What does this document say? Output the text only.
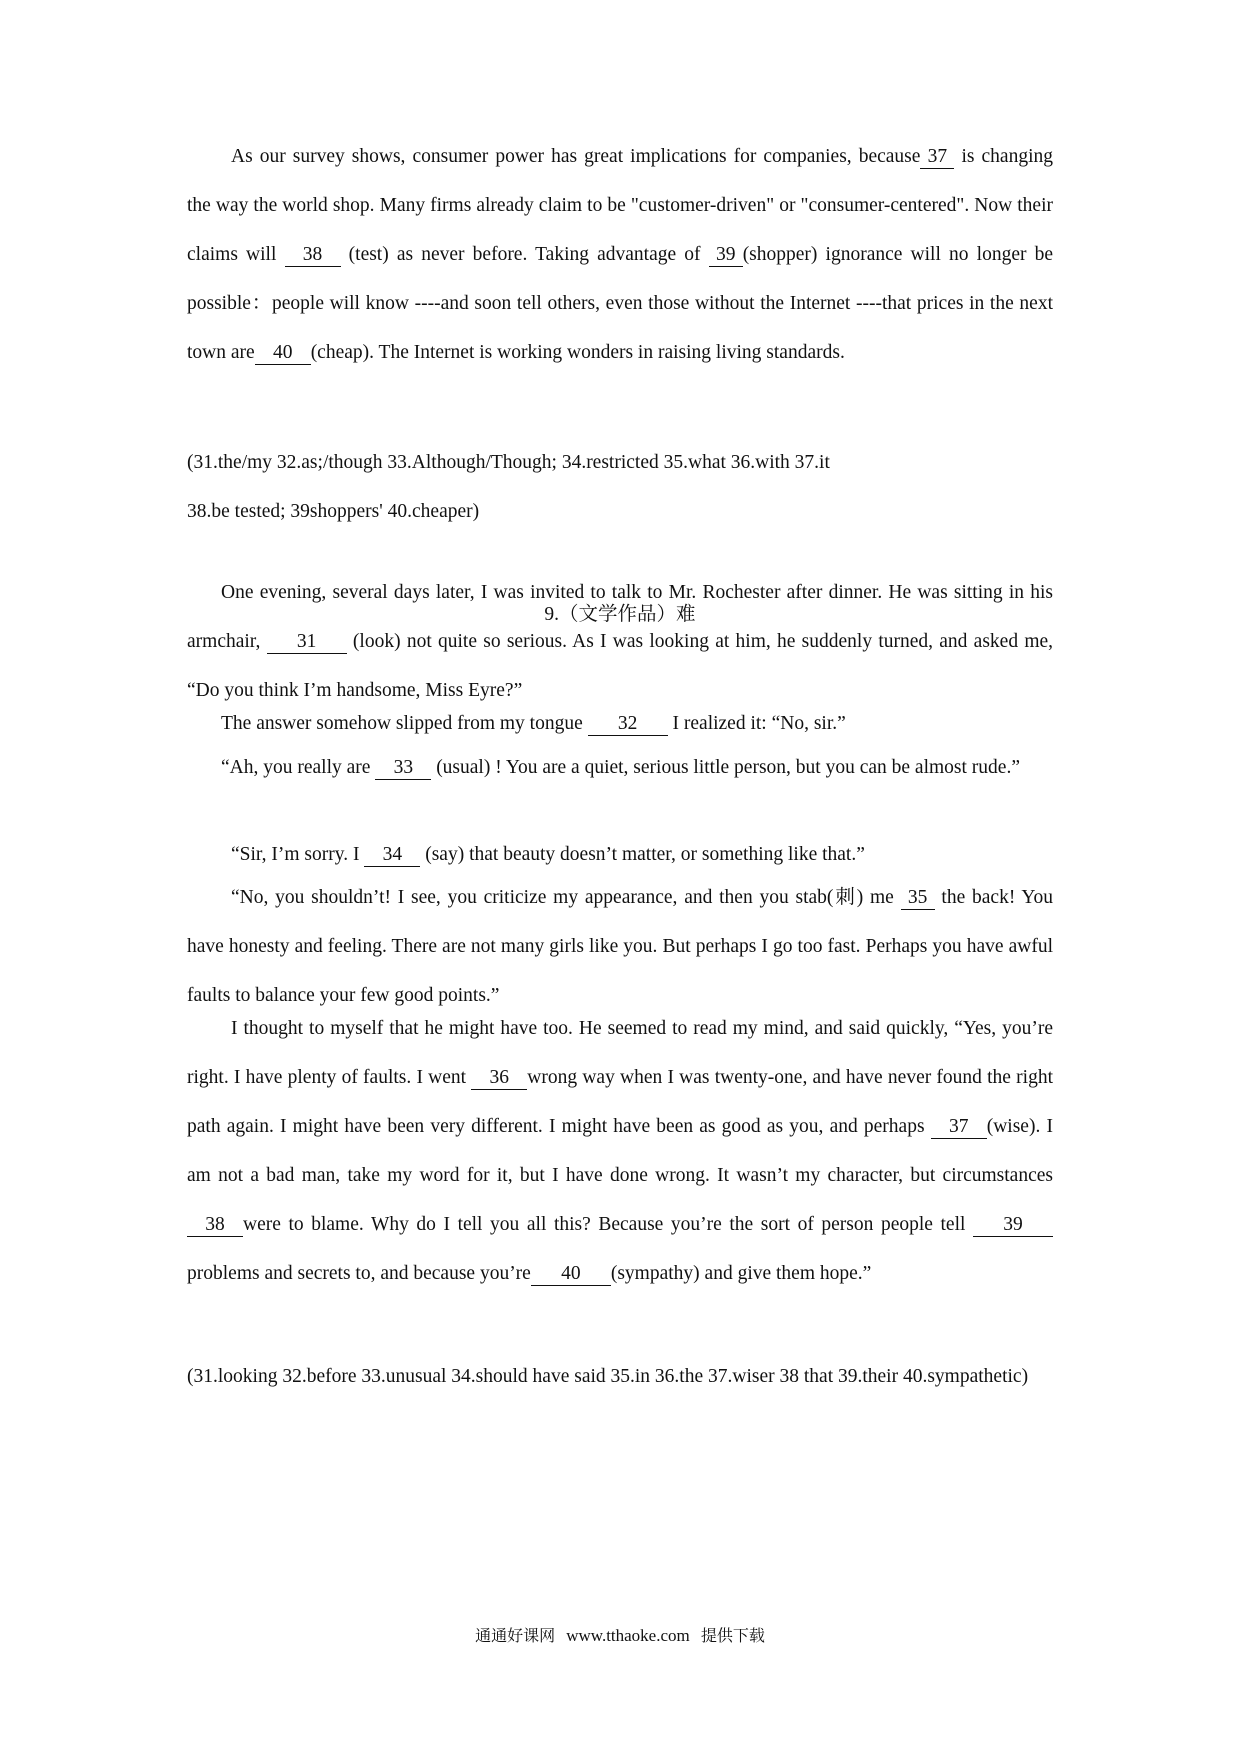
As our survey shows, consumer power has great implications for companies, because 37 is changing the way the world shop. Many firms already claim to be "customer-driven" or "consumer-centered". Now their claims will 38 (test) as never before. Taking advantage of 39 (shopper) ignorance will no longer be possible：people will know ----and soon tell others, even those without the Internet ----that prices in the next town are 40 (cheap). The Internet is working wonders in raising living standards.

(31.the/my 32.as;/though 33.Although/Though; 34.restricted 35.what 36.with 37.it
38.be tested; 39shoppers' 40.cheaper)

9.（文学作品）难

One evening, several days later, I was invited to talk to Mr. Rochester after dinner. He was sitting in his armchair, 31 (look) not quite so serious. As I was looking at him, he suddenly turned, and asked me, “Do you think I’m handsome, Miss Eyre?”

The answer somehow slipped from my tongue 32 I realized it: “No, sir.”

“Ah, you really are 33 (usual) ! You are a quiet, serious little person, but you can be almost rude.”

“Sir, I’m sorry. I 34 (say) that beauty doesn’t matter, or something like that.”

“No, you shouldn’t! I see, you criticize my appearance, and then you stab(刺) me 35 the back! You have honesty and feeling. There are not many girls like you. But perhaps I go too fast. Perhaps you have awful faults to balance your few good points.”

I thought to myself that he might have too. He seemed to read my mind, and said quickly, “Yes, you’re right. I have plenty of faults. I went 36 wrong way when I was twenty-one, and have never found the right path again. I might have been very different. I might have been as good as you, and perhaps 37 (wise). I am not a bad man, take my word for it, but I have done wrong. It wasn’t my character, but circumstances 38 were to blame. Why do I tell you all this? Because you’re the sort of person people tell 39problems and secrets to, and because you’re 40 (sympathy) and give them hope.”

(31.looking 32.before 33.unusual 34.should have said 35.in 36.the 37.wiser 38 that 39.their 40.sympathetic)

通通好课网 www.tthaoke.com 提供下载
